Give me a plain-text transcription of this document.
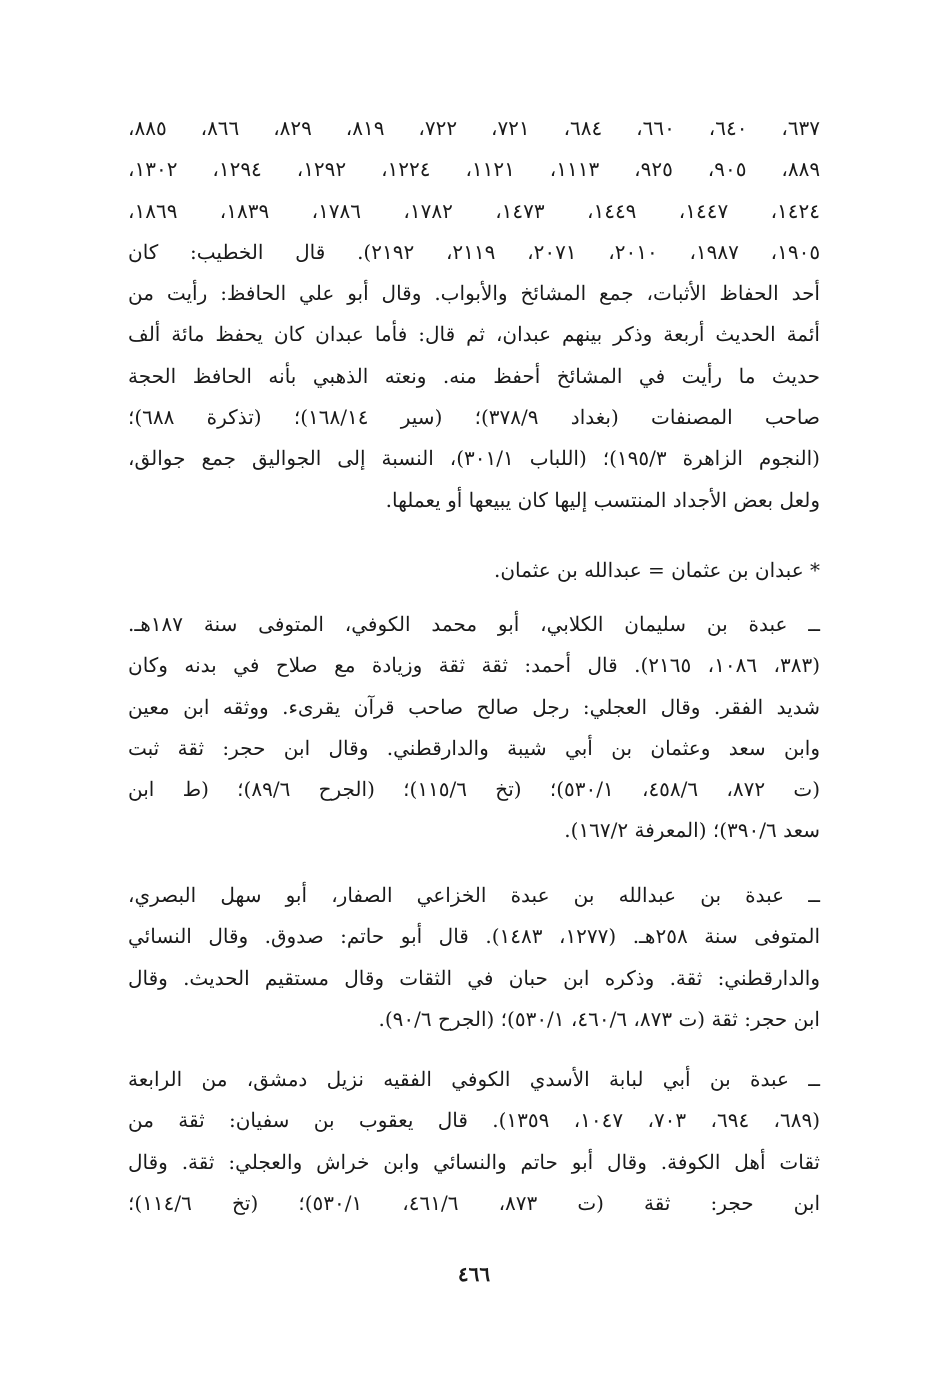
٦٣٧، ٦٤٠، ٦٦٠، ٦٨٤، ٧٢١، ٧٢٢، ٨١٩، ٨٢٩، ٨٦٦، ٨٨٥،
٨٨٩، ٩٠٥، ٩٢٥، ١١١٣، ١١٢١، ١٢٢٤، ١٢٩٢، ١٢٩٤، ١٣٠٢،
١٤٢٤، ١٤٤٧، ١٤٤٩، ١٤٧٣، ١٧٨٢، ١٧٨٦، ١٨٣٩، ١٨٦٩،
١٩٠٥، ١٩٨٧، ٢٠١٠، ٢٠٧١، ٢١١٩، ٢١٩٢). قال الخطيب: كان
أحد الحفاظ الأثبات، جمع المشائخ والأبواب. وقال أبو علي الحافظ: رأيت من
أئمة الحديث أربعة وذكر بينهم عبدان، ثم قال: فأما عبدان كان يحفظ مائة ألف
حديث ما رأيت في المشائخ أحفظ منه. ونعته الذهبي بأنه الحافظ الحجة
صاحب المصنفات (بغداد ٣٧٨/٩)؛ (سير ١٦٨/١٤)؛ (تذكرة ٦٨٨)؛
(النجوم الزاهرة ١٩٥/٣)؛ (اللباب ٣٠١/١)، النسبة إلى الجواليق جمع جوالق،
ولعل بعض الأجداد المنتسب إليها كان يبيعها أو يعملها.
* عبدان بن عثمان = عبدالله بن عثمان.
ــ عبدة بن سليمان الكلابي، أبو محمد الكوفي، المتوفى سنة ١٨٧هـ.
(٣٨٣، ١٠٨٦، ٢١٦٥). قال أحمد: ثقة ثقة وزيادة مع صلاح في بدنه وكان
شديد الفقر. وقال العجلي: رجل صالح صاحب قرآن يقرىء. ووثقه ابن معين
وابن سعد وعثمان بن أبي شيبة والدارقطني. وقال ابن حجر: ثقة ثبت
(ت ٨٧٢، ٤٥٨/٦، ٥٣٠/١)؛ (تخ ١١٥/٦)؛ (الجرح ٨٩/٦)؛ (ط ابن
سعد ٣٩٠/٦)؛ (المعرفة ١٦٧/٢).
ــ عبدة بن عبدالله بن عبدة الخزاعي الصفار، أبو سهل البصري،
المتوفى سنة ٢٥٨هـ. (١٢٧٧، ١٤٨٣). قال أبو حاتم: صدوق. وقال النسائي
والدارقطني: ثقة. وذكره ابن حبان في الثقات وقال مستقيم الحديث. وقال
ابن حجر: ثقة (ت ٨٧٣، ٤٦٠/٦، ٥٣٠/١)؛ (الجرح ٩٠/٦).
ــ عبدة بن أبي لبابة الأسدي الكوفي الفقيه نزيل دمشق، من الرابعة
(٦٨٩، ٦٩٤، ٧٠٣، ١٠٤٧، ١٣٥٩). قال يعقوب بن سفيان: ثقة من
ثقات أهل الكوفة. وقال أبو حاتم والنسائي وابن خراش والعجلي: ثقة. وقال
ابن حجر: ثقة (ت ٨٧٣، ٤٦١/٦، ٥٣٠/١)؛ (تخ ١١٤/٦)؛
٤٦٦
